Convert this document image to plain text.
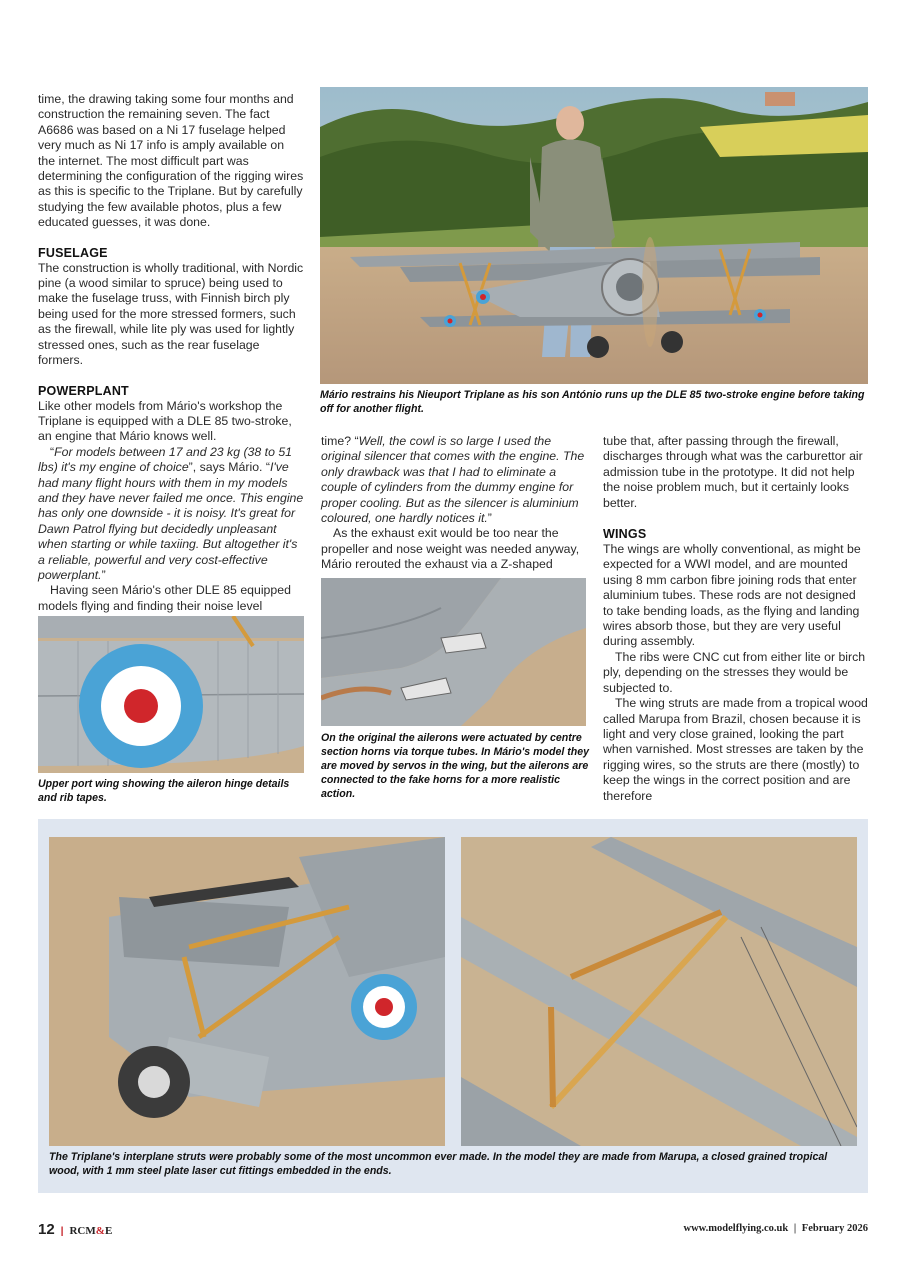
time, the drawing taking some four months and construction the remaining seven. The fact A6686 was based on a Ni 17 fuselage helped very much as Ni 17 info is amply available on the internet. The most difficult part was determining the configuration of the rigging wires as this is specific to the Triplane. But by carefully studying the few available photos, plus a few educated guesses, it was done.

FUSELAGE

The construction is wholly traditional, with Nordic pine (a wood similar to spruce) being used to make the fuselage truss, with Finnish birch ply being used for the more stressed formers, such as the firewall, while lite ply was used for lightly stressed ones, such as the rear fuselage formers.

POWERPLANT

Like other models from Mário's workshop the Triplane is equipped with a DLE 85 two-stroke, an engine that Mário knows well.

“For models between 17 and 23 kg (38 to 51 lbs) it's my engine of choice”, says Mário. “I've had many flight hours with them in my models and they have never failed me once. This engine has only one downside - it is noisy. It's great for Dawn Patrol flying but decidedly unpleasant when starting or while taxiing. But altogether it's a reliable, powerful and very cost-effective powerplant.”

Having seen Mário's other DLE 85 equipped models flying and finding their noise level

Mário restrains his Nieuport Triplane as his son António runs up the DLE 85 two-stroke engine before taking off for another flight.

time? “Well, the cowl is so large I used the original silencer that comes with the engine. The only drawback was that I had to eliminate a couple of cylinders from the dummy engine for proper cooling. But as the silencer is aluminium coloured, one hardly notices it.”

As the exhaust exit would be too near the propeller and nose weight was needed anyway, Mário rerouted the exhaust via a Z-shaped

On the original the ailerons were actuated by centre section horns via torque tubes. In Mário's model they are moved by servos in the wing, but the ailerons are connected to the fake horns for a more realistic action.

tube that, after passing through the firewall, discharges through what was the carburettor air admission tube in the prototype. It did not help the noise problem much, but it certainly looks better.

WINGS

The wings are wholly conventional, as might be expected for a WWI model, and are mounted using 8 mm carbon fibre joining rods that enter aluminium tubes. These rods are not designed to take bending loads, as the flying and landing wires absorb those, but they are very useful during assembly.

The ribs were CNC cut from either lite or birch ply, depending on the stresses they would be subjected to.

The wing struts are made from a tropical wood called Marupa from Brazil, chosen because it is light and very close grained, looking the part when varnished. Most stresses are taken by the rigging wires, so the struts are there (mostly) to keep the wings in the correct position and are therefore

Upper port wing showing the aileron hinge details and rib tapes.
The Triplane's interplane struts were probably some of the most uncommon ever made. In the model they are made from Marupa, a closed grained tropical wood, with 1 mm steel plate laser cut fittings embedded in the ends.
12 | RCM&E	www.modelflying.co.uk | February 2026
